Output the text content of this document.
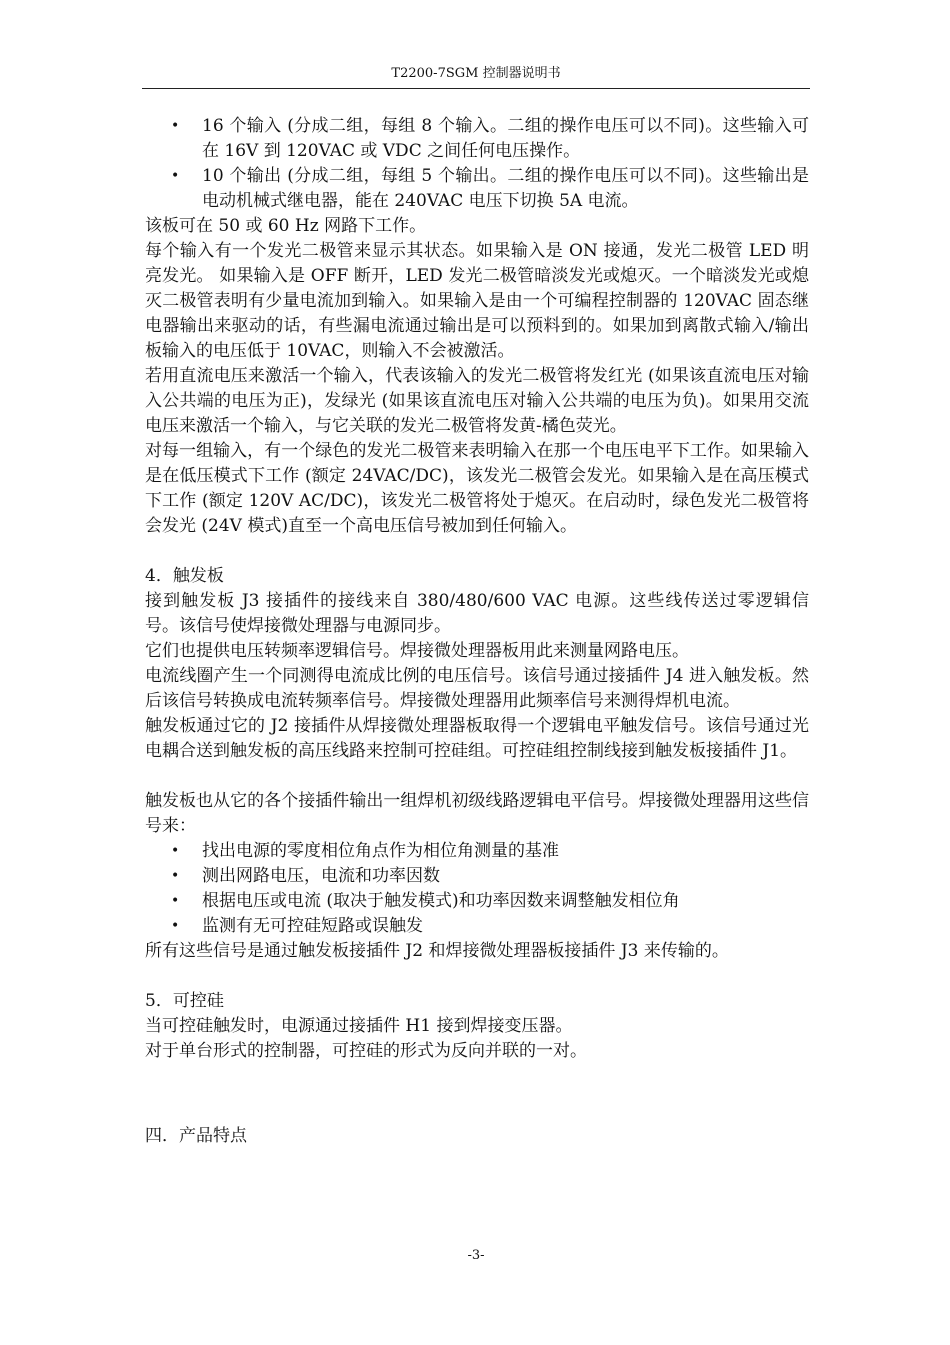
T2200-7SGM 控制器说明书
• 16 个输入 (分成二组，每组 8 个输入。二组的操作电压可以不同)。这些输入可在 16V 到 120VAC 或 VDC 之间任何电压操作。
• 10 个输出 (分成二组，每组 5 个输出。二组的操作电压可以不同)。这些输出是电动机械式继电器，能在 240VAC 电压下切换 5A 电流。

该板可在 50 或 60 Hz 网路下工作。

每个输入有一个发光二极管来显示其状态。如果输入是 ON 接通，发光二极管 LED 明亮发光。 如果输入是 OFF 断开，LED 发光二极管暗淡发光或熄灭。一个暗淡发光或熄灭二极管表明有少量电流加到输入。如果输入是由一个可编程控制器的 120VAC 固态继电器输出来驱动的话，有些漏电流通过输出是可以预料到的。如果加到离散式输入/输出板输入的电压低于 10VAC，则输入不会被激活。

若用直流电压来激活一个输入，代表该输入的发光二极管将发红光 (如果该直流电压对输入公共端的电压为正)，发绿光 (如果该直流电压对输入公共端的电压为负)。如果用交流电压来激活一个输入，与它关联的发光二极管将发黄-橘色荧光。

对每一组输入，有一个绿色的发光二极管来表明输入在那一个电压电平下工作。如果输入是在低压模式下工作 (额定 24VAC/DC)，该发光二极管会发光。如果输入是在高压模式下工作 (额定 120V AC/DC)，该发光二极管将处于熄灭。在启动时，绿色发光二极管将会发光 (24V 模式)直至一个高电压信号被加到任何输入。

4．触发板

接到触发板 J3 接插件的接线来自 380/480/600 VAC 电源。这些线传送过零逻辑信号。该信号使焊接微处理器与电源同步。

它们也提供电压转频率逻辑信号。焊接微处理器板用此来测量网路电压。

电流线圈产生一个同测得电流成比例的电压信号。该信号通过接插件 J4 进入触发板。然后该信号转换成电流转频率信号。焊接微处理器用此频率信号来测得焊机电流。

触发板通过它的 J2 接插件从焊接微处理器板取得一个逻辑电平触发信号。该信号通过光电耦合送到触发板的高压线路来控制可控硅组。可控硅组控制线接到触发板接插件 J1。

触发板也从它的各个接插件输出一组焊机初级线路逻辑电平信号。焊接微处理器用这些信号来：

• 找出电源的零度相位角点作为相位角测量的基准
• 测出网路电压，电流和功率因数
• 根据电压或电流 (取决于触发模式)和功率因数来调整触发相位角
• 监测有无可控硅短路或误触发

所有这些信号是通过触发板接插件 J2 和焊接微处理器板接插件 J3 来传输的。

5．可控硅

当可控硅触发时，电源通过接插件 H1 接到焊接变压器。

对于单台形式的控制器，可控硅的形式为反向并联的一对。

四．产品特点

-3-
